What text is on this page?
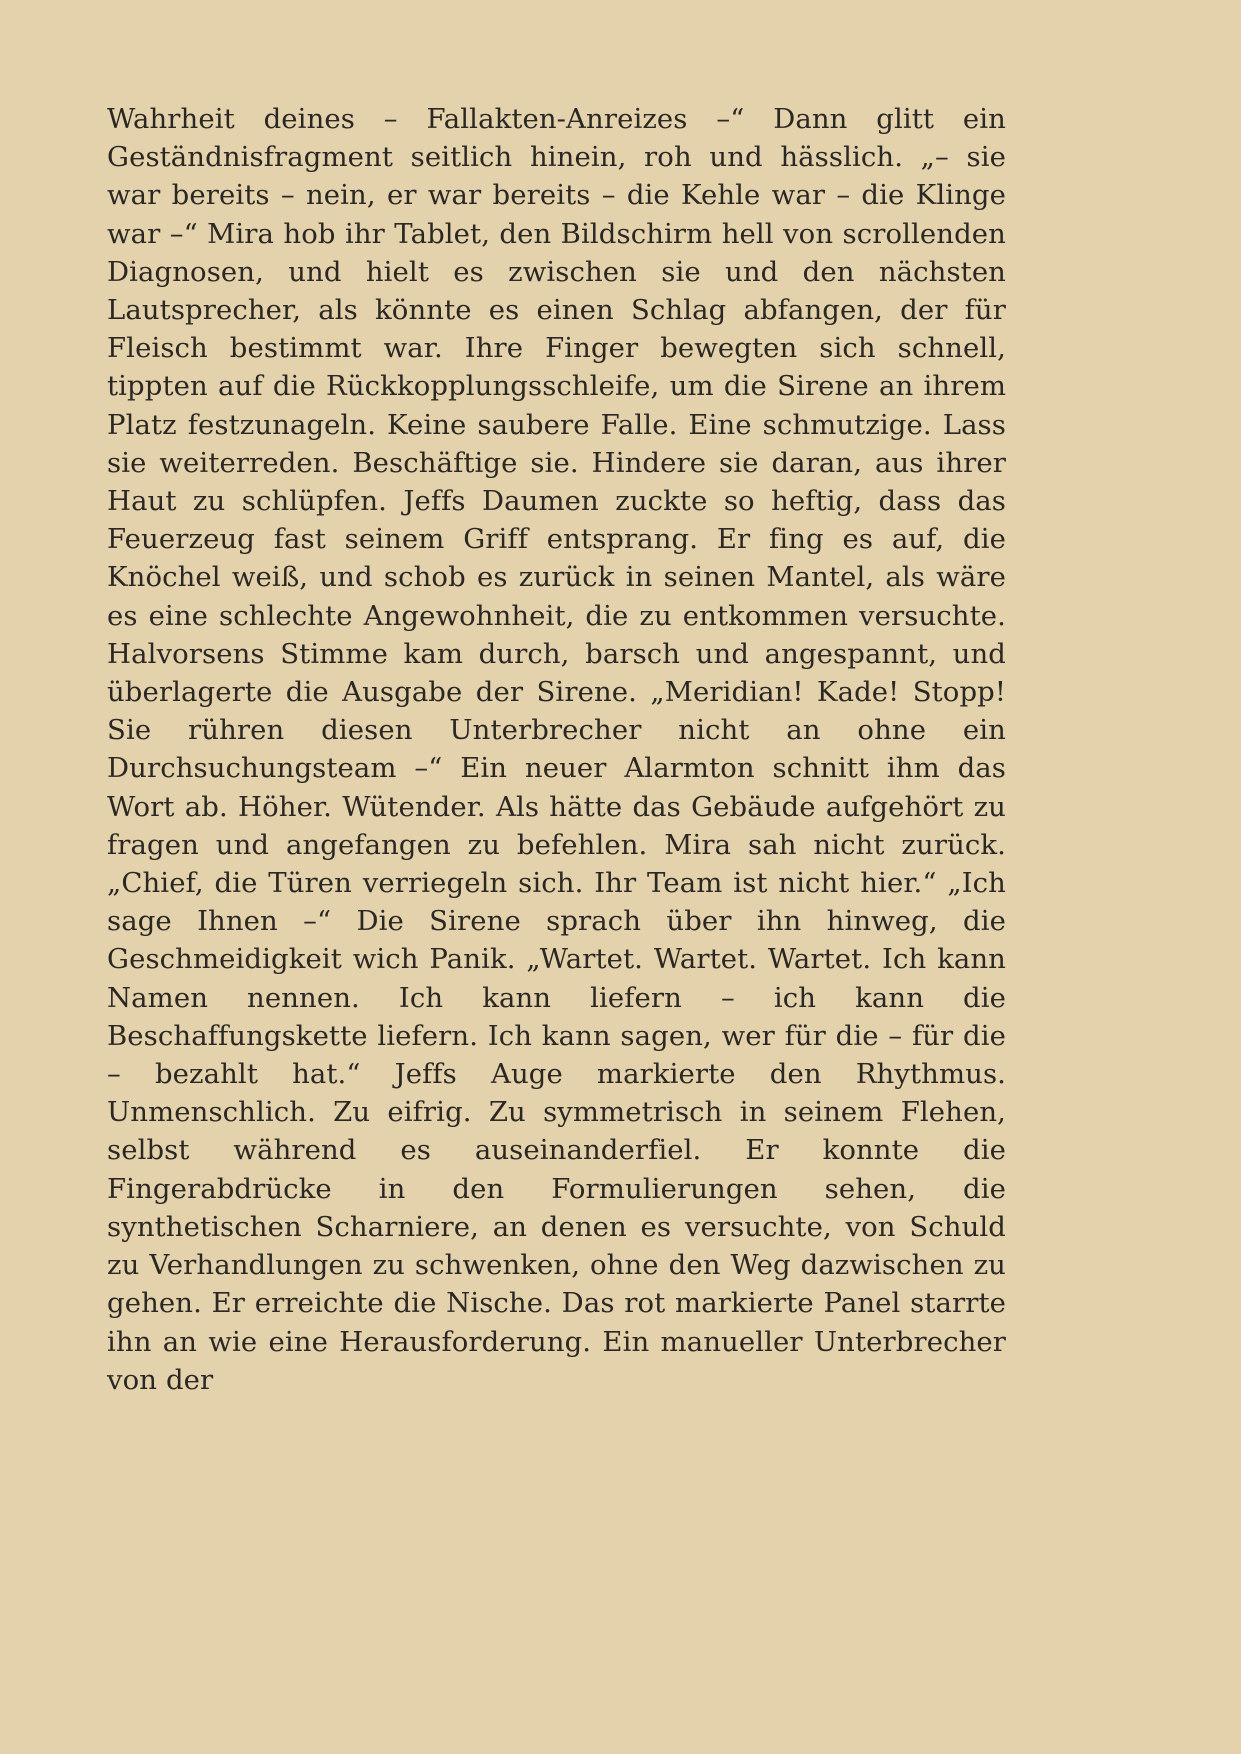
Wahrheit deines – Fallakten-Anreizes –“ Dann glitt ein Geständnisfragment seitlich hinein, roh und hässlich. „– sie war bereits – nein, er war bereits – die Kehle war – die Klinge war –“ Mira hob ihr Tablet, den Bildschirm hell von scrollenden Diagnosen, und hielt es zwischen sie und den nächsten Lautsprecher, als könnte es einen Schlag abfangen, der für Fleisch bestimmt war. Ihre Finger bewegten sich schnell, tippten auf die Rückkopplungsschleife, um die Sirene an ihrem Platz festzunageln. Keine saubere Falle. Eine schmutzige. Lass sie weiterreden. Beschäftige sie. Hindere sie daran, aus ihrer Haut zu schlüpfen. Jeffs Daumen zuckte so heftig, dass das Feuerzeug fast seinem Griff entsprang. Er fing es auf, die Knöchel weiß, und schob es zurück in seinen Mantel, als wäre es eine schlechte Angewohnheit, die zu entkommen versuchte. Halvorsens Stimme kam durch, barsch und angespannt, und überlagerte die Ausgabe der Sirene. „Meridian! Kade! Stopp! Sie rühren diesen Unterbrecher nicht an ohne ein Durchsuchungsteam –“ Ein neuer Alarmton schnitt ihm das Wort ab. Höher. Wütender. Als hätte das Gebäude aufgehört zu fragen und angefangen zu befehlen. Mira sah nicht zurück. „Chief, die Türen verriegeln sich. Ihr Team ist nicht hier.“ „Ich sage Ihnen –“ Die Sirene sprach über ihn hinweg, die Geschmeidigkeit wich Panik. „Wartet. Wartet. Wartet. Ich kann Namen nennen. Ich kann liefern – ich kann die Beschaffungskette liefern. Ich kann sagen, wer für die – für die – bezahlt hat.“ Jeffs Auge markierte den Rhythmus. Unmenschlich. Zu eifrig. Zu symmetrisch in seinem Flehen, selbst während es auseinanderfiel. Er konnte die Fingerabdrücke in den Formulierungen sehen, die synthetischen Scharniere, an denen es versuchte, von Schuld zu Verhandlungen zu schwenken, ohne den Weg dazwischen zu gehen. Er erreichte die Nische. Das rot markierte Panel starrte ihn an wie eine Herausforderung. Ein manueller Unterbrecher von der
